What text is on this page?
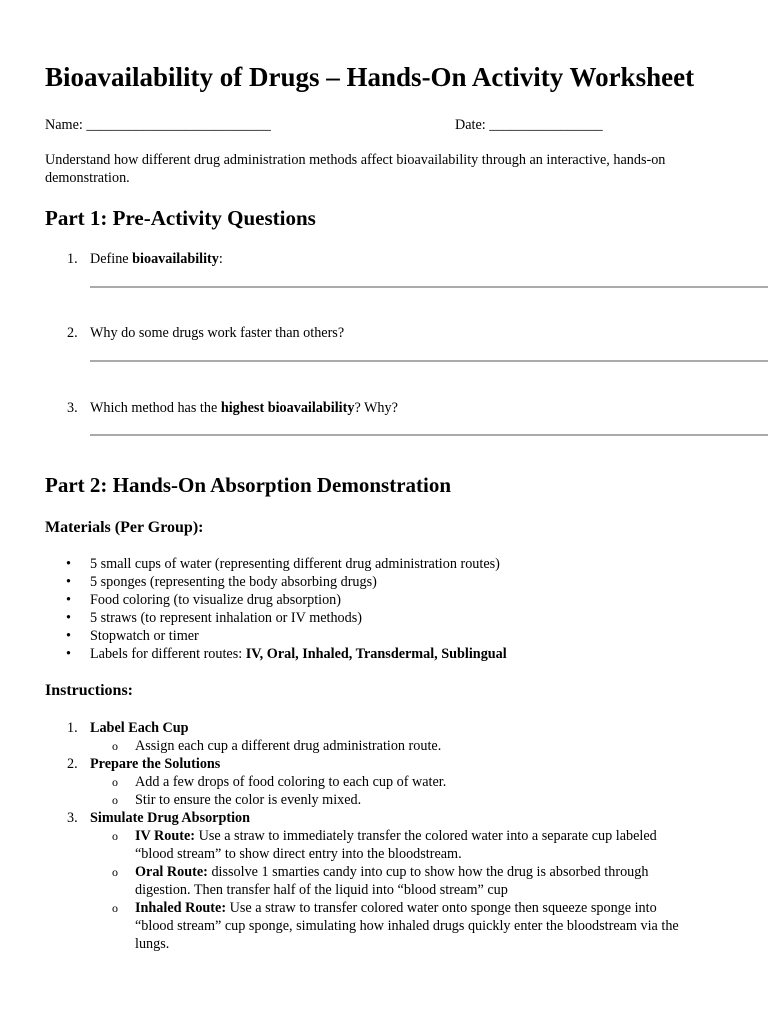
Bioavailability of Drugs – Hands-On Activity Worksheet
Name: __________________________	Date: ________________
Understand how different drug administration methods affect bioavailability through an interactive, hands-on demonstration.
Part 1: Pre-Activity Questions
1. Define bioavailability:
2. Why do some drugs work faster than others?
3. Which method has the highest bioavailability? Why?
Part 2: Hands-On Absorption Demonstration
Materials (Per Group):
• 5 small cups of water (representing different drug administration routes)
• 5 sponges (representing the body absorbing drugs)
• Food coloring (to visualize drug absorption)
• 5 straws (to represent inhalation or IV methods)
• Stopwatch or timer
• Labels for different routes: IV, Oral, Inhaled, Transdermal, Sublingual
Instructions:
1. Label Each Cup
o Assign each cup a different drug administration route.
2. Prepare the Solutions
o Add a few drops of food coloring to each cup of water.
o Stir to ensure the color is evenly mixed.
3. Simulate Drug Absorption
o IV Route: Use a straw to immediately transfer the colored water into a separate cup labeled “blood stream” to show direct entry into the bloodstream.
o Oral Route: dissolve 1 smarties candy into cup to show how the drug is absorbed through digestion. Then transfer half of the liquid into “blood stream” cup
o Inhaled Route: Use a straw to transfer colored water onto sponge then squeeze sponge into “blood stream” cup sponge, simulating how inhaled drugs quickly enter the bloodstream via the lungs.
